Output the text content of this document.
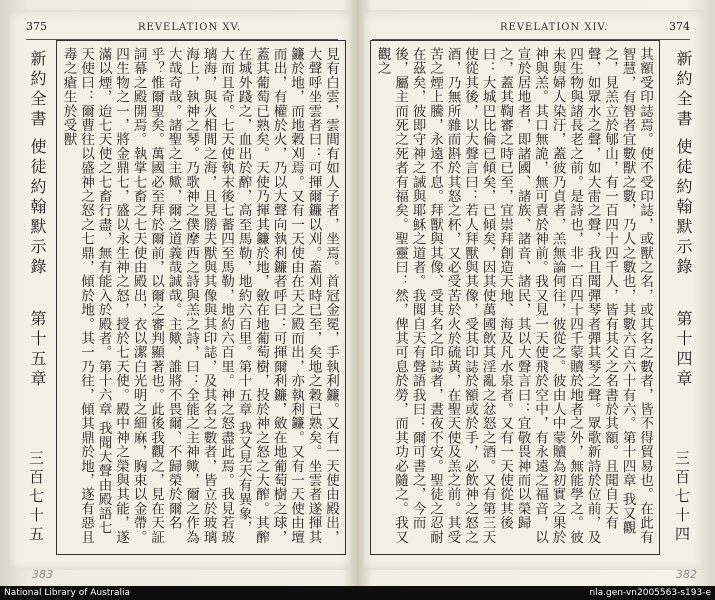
375	REVELATION XV.
新約全書
使徒約翰默示錄
第十五章
三百七十五	見有白雲，雲間有如人子者，坐焉。首冠金冕，手執利鐮。又有一天使由殿出，大聲呼坐雲者曰：可揮爾鐮以刈。蓋刈時已至，矣地之穀已熟矣。坐雲者遂揮其鐮於地，而地穀刈焉。又有一天使由在天之殿而出，亦執利鐮。又有一天使由壇而出，有權於火，乃以大聲向執利鐮者呼曰：可揮爾利鐮，斂在地葡萄樹之球，蓋其葡萄已熟矣。天使乃揮其鐮於地，斂在地葡萄樹，投於神之怒之大醡。其醡在城外踐之，血出於醡，高至馬勒，地約六百里。第十五章 我又見天有異象，大而且奇。七天使執末後七蓄四至馬勒，地約六百里。神之怒盡此焉。我見若玻璃海，與火相間之海，且見勝夫獸與其像與其印誌，及其名之數者，皆立於玻璃海上，執神之琴。乃歌神之僕摩西之詩與羔之詩，曰：全能之主神歟，爾之作為大哉奇哉。諸聖之主歟，爾之道義哉誠哉。主歟，誰將不畏爾、不歸榮於爾名乎？惟爾聖矣。萬國必至拜於爾前，以爾之審判顯著也。此後我觀之，見在天証詞幕之殿開焉。執掌七畜之七天使由殿出，衣以潔白光明之細麻，胸束以金帶。四生物之一，將金鼎七，盛以永生神之怒，授於七天使。殿中神之榮與其能，遂滿以煙，迨七天使之七畜行盡，無有能入於殿者。第十六章 我聞大聲由殿語七天使曰：爾曹往以盛神之怒之七鼎，傾於地。其一乃往，傾其鼎於地，遂有惡且毒之瘡生於受獸
REVELATION XIV.	374
其額受印誌焉。使不受印誌，或獸之名，或其名之數者，皆不得貿易也。在此有智慧，有智者宜數獸之數，乃人之數也，其數六百六十有六。第十四章 我又觀之，見羔立於郇山，有一百四十四千人，皆有其父之名書於其額。且聞自天有聲，如眾水之聲，如大雷之聲，我且聞彈琴者彈其琴之聲。眾歌新詩於位前，及四生物與諸長老之前。是詩也，非一百四十四千蒙贖於地者之外，無能學之。彼未與婦人染汙，蓋彼乃貞者，羔無論何往，彼從之。彼由人中蒙贖為初實之果於神與羔。其口無詭，無可責於神前。我又見一天使飛於空中，有永遠之福音，以宣於居地者，即諸國、諸族、諸音、諸民，其以大聲言曰：宜敬畏神而以榮歸之，蓋其鞫審之時已至，宜崇拜創造天地、海及凡水泉者。又有一天使從其後曰：大城巴比倫已傾矣，已傾矣，因其使萬國飲其淫亂之忿怒之酒。又有第三天使從其後，以大聲言曰：若人拜獸與其像，受其印誌於額或於手，必飲神之怒之酒，乃無所雜而斟於其怒之杯，又必受苦於火於硫黃，在聖天使及羔之前。其受苦之煙上騰，永遠不息。拜獸與其像、受其名之印誌者，晝夜不安。聖徒之忍耐在茲矣，彼即守神之誡與耶穌之道者。我聞自天有聲語我曰：爾可書之，今而後，屬主而死之死者有福矣。聖靈曰：然，俾其可息於勞，而其功必隨之。我又觀之	新約全書
使徒約翰默示錄
第十四章
三百七十四
383	382
National Library of Australia	nla.gen-vn2005563-s193-e
